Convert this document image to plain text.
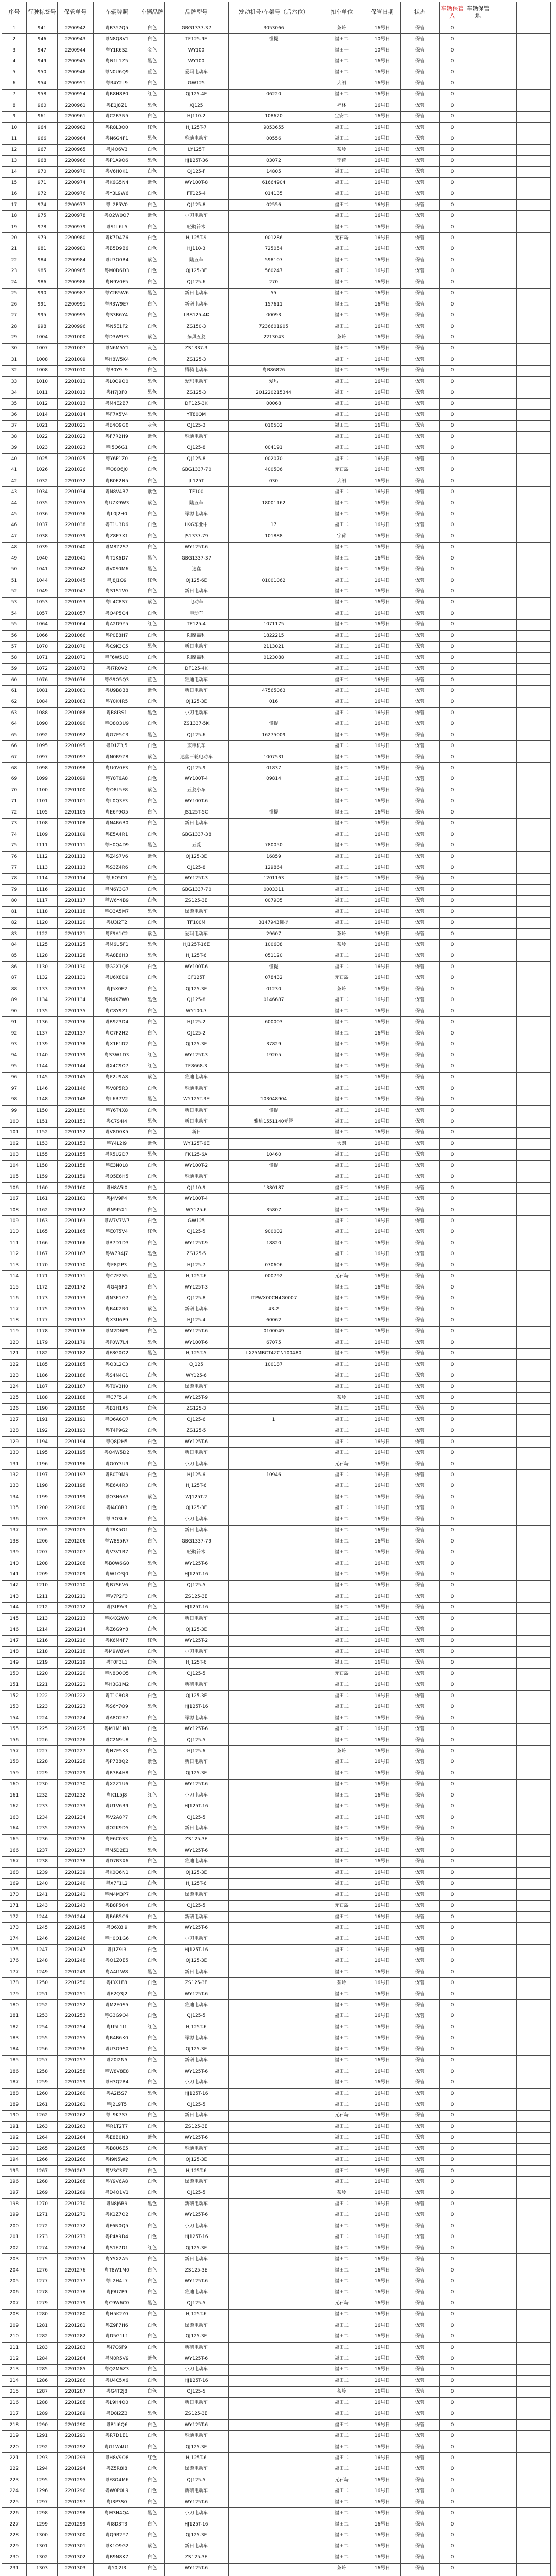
序号	行驶标签号	保管单号	车辆牌照	车辆品牌	品牌型号	发动机号/车架号（后六位）	扣车单位	保管日期	状态	车辆保管人	车辆保管地		
1	941	2200942	粤B3Y7Q5	白色	GBG1337-37	3053066	茶岭	16号日	保管	0			
2	946	2200943	粤N8Q8V1	白色	TF125-9E	懂提	福田二	10号日	保管	0			
3	947	2200944	粤Y1K6S2	金色	WY100		福田一	10号日	保管	0			
4	949	2200945	粤N1L1Z5	黑色	WY100		福田二	16号日	保管	0			
5	950	2200946	粤N0U6Q9	蓝色	爱玛电动车		福田二	16号日	保管	0			
6	954	2200951	粤R4Y2L9	白色	GW125		大朗	16号日	保管	0			
7	958	2200954	粤R8H8P0	红色	QJ125-4E	06220	福田二	16号日	保管	0			
8	960	2200961	粤E1J8Z1	黑色	XJ125		福林	16号日	保管	0			
9	961	2200961	粤C2B3N5	白色	HJ110-2	108620	宝安二	16号日	保管	0			
10	964	2200962	粤R8L3Q0	红色	HJ125T-7	9053655	福田二	16号日	保管	0			
11	966	2200964	粤N6G4F1	黑色	雅迪电动车	00556	福田二	16号日	保管	0			
12	967	2200965	粤J4O6V3	白色	LY125T		茶岭	16号日	保管	0			
13	968	2200966	粤P1A9O6	黑色	HJ125T-36	03072	宁荷	16号日	保管	0			
14	970	2200970	粤V6H0K1	白色	QJ125-F	14805	福田二	16号日	保管	0			
15	971	2200974	粤K6G5N4	紫色	WY100T-8	61664904	福田二	16号日	保管	0			
16	972	2200976	粤Y3L9W6	白色	FT125-4	014135	福田二	16号日	保管	0			
17	974	2200977	粤L2P5V0	白色	QJ125-8	02556	福田二	16号日	保管	0			
18	975	2200978	粤O2W0Q7	紫色	小刀电动车		福田二	16号日	保管	0			
19	978	2200979	粤S1L6L5	白色	轻骑铃木		福田二	16号日	保管	0			
20	979	2200980	粤K7D4Z6	白色	HJ125T-9	001286	元石岛	16号日	保管	0			
21	981	2200981	粤B5D9B6	白色	HJ110-3	725054	福田二	16号日	保管	0			
22	984	2200984	粤U7O0R4	紫色	陆五车	598107	福田二	16号日	保管	0			
23	985	2200985	粤M0D6D3	白色	QJ125-3E	560247	福田二	16号日	保管	0			
24	986	2200986	粤N9V0F5	白色	QJ125-6	270	福田二	16号日	保管	0			
25	990	2200987	粤Y2R5W6	黑色	新日电动车	55	福田二	16号日	保管	0			
26	991	2200991	粤R3W9E7	白色	新研电动车	157611	福田二	16号日	保管	0			
27	995	2200995	粤S3B6Y4	白色	LB8125-4K	00093	福田二	16号日	保管	0			
28	998	2200996	粤N5E1F2	白色	ZS150-3	7236601905	福田二	16号日	保管	0			
29	1004	2201000	粤D3W9F3	紫色	东风五菱	2213043	茶岭	16号日	保管	0			
30	1007	2201007	粤N6M5Y1	灰色	ZS1337-3		福田二	16号日	保管	0			
31	1008	2201009	粤H8W5K4	白色	ZS125-3		福田一	16号日	保管	0			
32	1008	2201010	粤B0Y9L9	白色	腾骑电动车	粤B86826	福田二	16号日	保管	0			
33	1010	2201011	粤L0O9Q0	黑色	爱玛电动车	爱玛	福田二	16号日	保管	0			
34	1011	2201012	粤H7J3F0	黑色	ZS125-3	201220215344	福田一	16号日	保管	0			
35	1012	2201013	粤M4E2B7	白色	DF125-3K	00068	福田二	16号日	保管	0			
36	1014	2201014	粤F7X5V4	黑色	YT80QM		福田二	16号日	保管	0			
37	1021	2201021	粤E4O9G0	灰色	QJ125-3	010502	福田二	16号日	保管	0			
38	1022	2201022	粤F7R2H9	紫色	雅迪电动车		福田二	16号日	保管	0			
39	1023	2201023	粤I5Q6G1	白色	QJ125-8	004191	福田二	16号日	保管	0			
40	1025	2201025	粤Y6P1Z0	白色	QJ125-8	002070	福田二	16号日	保管	0			
41	1026	2201026	粤O8O6J0	白色	GBG1337-70	400506	元石岛	16号日	保管	0			
42	1032	2201032	粤B0E2N5	白色	JL125T	030	大朗	16号日	保管	0			
43	1034	2201034	粤N8V4B7	紫色	TF100		福田二	16号日	保管	0			
44	1035	2201035	粤U7X9W3	紫色	陆五车	18001162	福田二	16号日	保管	0			
45	1036	2201036	粤L0J2H0	白色	绿源电动车		福田二	16号日	保管	0			
46	1037	2201038	粤T1U3D6	白色	LKG车业中	17	福田二	16号日	保管	0			
47	1038	2201039	粤Z8E7X1	白色	JS1337-79	101888	宁荷	16号日	保管	0			
48	1039	2201040	粤M8Z2S7	白色	WY125T-6		福田二	16号日	保管	0			
49	1040	2201041	粤T1K6D7	黑色	GBG1337-37		福田二	16号日	保管	0			
50	1041	2201042	粤V0S0M6	黑色	速鑫		福田二	16号日	保管	0			
51	1044	2201045	粤J8J1Q9	红色	QJ125-6E	01001062	福田二	16号日	保管	0			
52	1049	2201047	粤S1S1V0	白色	新日电动车		福田二	16号日	保管	0			
53	1053	2201053	粤L4C8S7	紫色	电动车		福田二	16号日	保管	0			
54	1057	2201057	粤O4P5Q4	白色	电动车		福田二	16号日	保管	0			
55	1064	2201064	粤A2D9Y5	红色	TF125-4	1071175	福田二	16号日	保管	0			
56	1066	2201066	粤P0E8H7	白色	阳摩福利	1822215	福田二	16号日	保管	0			
57	1070	2201070	粤C9K3C5	黑色	新日电动车	2113021	福田二	16号日	保管	0			
58	1071	2201071	粤F6W5U3	白色	阳摩福利	0123088	福田二	16号日	保管	0			
59	1072	2201072	粤I7R0V2	白色	DF125-4K		福田二	16号日	保管	0			
60	1076	2201076	粤G9O5Q3	蓝色	雅迪电动车		福田二	16号日	保管	0			
61	1081	2201081	粤U9B8B8	紫色	新日电动车	47565063	福田二	16号日	保管	0			
62	1084	2201082	粤Y0K4R5	白色	QJ125-3E	016	福田二	16号日	保管	0			
63	1088	2201088	粤R8I3S1	黑色	小刀电动车		福田二	16号日	保管	0			
64	1090	2201090	粤O8Q3U9	白色	ZS1337-5K	懂提	福田二	16号日	保管	0			
65	1092	2201092	粤G7E5C3	黑色	QJ125-6	16275009	福田二	16号日	保管	0			
66	1095	2201095	粤D1Z3J5	白色	宗申机车		福田二	16号日	保管	0			
67	1097	2201097	粤N0R9Z8	紫色	速鑫三轮电动车	1007531	福田二	16号日	保管	0			
68	1098	2201098	粤U0V0F3	白色	QJ125-9	01837	福田二	16号日	保管	0			
69	1099	2201099	粤Y8T6A8	白色	WY100T-4	09814	福田二	16号日	保管	0			
70	1100	2201100	粤O8L5F8	紫色	五菱小车		福田二	16号日	保管	0			
71	1101	2201101	粤L0Q3F3	白色	WY100T-6		福田二	16号日	保管	0			
72	1105	2201105	粤E6Y9O5	白色	JS125T-5C	懂提	福田二	16号日	保管	0			
73	1108	2201108	粤N4R6B0	白色	新日电动车		福田二	16号日	保管	0			
74	1109	2201109	粤E5A4R1	白色	GBG1337-38		福田二	16号日	保管	0			
75	1111	2201111	粤H0Q4D9	黑色	五菱	780050	福田二	16号日	保管	0			
76	1112	2201112	粤Z4S7V6	紫色	QJ125-3E	16859	福田二	16号日	保管	0			
77	1113	2201113	粤S3Z4R6	白色	QJ125-8	129864	福田二	16号日	保管	0			
78	1114	2201114	粤J6O5D1	白色	WY125T-3	1201163	福田二	16号日	保管	0			
79	1116	2201116	粤M6Y3G7	白色	GBG1337-70	0003311	福田二	16号日	保管	0			
80	1117	2201117	粤W6Y4B9	白色	ZS125-3E	007905	福田二	16号日	保管	0			
81	1118	2201118	粤O3A5M7	黑色	绿源电动车		福田二	16号日	保管	0			
82	1120	2201120	粤U3I2T2	白色	TF100M	3147943懂提	福田二	16号日	保管	0			
83	1122	2201121	粤F9A1C2	紫色	爱玛电动车	29607	茶岭	16号日	保管	0			
84	1125	2201125	粤M6U5F1	黑色	HJ125T-16E	100608	茶岭	16号日	保管	0			
85	1128	2201128	粤A8E6H3	黑色	HJ125T-6	051120	福田二	16号日	保管	0			
86	1130	2201130	粤G2X1Q8	白色	WY100T-6	懂提	福田二	16号日	保管	0			
87	1132	2201131	粤U6X8D9	白色	CF125T	078432	元石岛	16号日	保管	0			
88	1133	2201133	粤J5X0E2	白色	QJ125-3E	01230	茶岭	16号日	保管	0			
89	1134	2201134	粤N4X7W0	黑色	QJ125-8	0146687	福田二	16号日	保管	0			
90	1135	2201135	粤C8Y9Z1	白色	WY100-7		福田二	16号日	保管	0			
91	1136	2201136	粤B9Z3D4	白色	HJ125-2	600003	福田二	16号日	保管	0			
92	1137	2201137	粤C7F2H2	白色	QJ125-2		福田二	16号日	保管	0			
93	1139	2201138	粤X1F1D2	白色	QJ125-3E	37829	福田二	16号日	保管	0			
94	1140	2201139	粤S3W1D3	红色	WY125T-3	19205	福田二	16号日	保管	0			
95	1144	2201144	粤X4C9O7	红色	TF8668-3		福田二	16号日	保管	0			
96	1145	2201145	粤F2U9A8	紫色	雅迪电动车		福田二	16号日	保管	0			
97	1146	2201146	粤V8P5R3	白色	雅迪电动车		福田二	16号日	保管	0			
98	1148	2201148	粤L6R7V2	黑色	WY125T-3E	103048904	福田二	16号日	保管	0			
99	1150	2201150	粤Y6T4X8	白色	新日电动车	懂提	福田二	16号日	保管	0			
100	1151	2201151	粤C7S4I4	黑色	新日电动车	雅迪1551140元管	福田二	16号日	保管	0			
101	1152	2201152	粤V8D0K5	白色	新日		福田二	16号日	保管	0			
102	1153	2201153	粤Y4L2I9	紫色	WY125T-6E		大朗	16号日	保管	0			
103	1155	2201155	粤R5U2D7	黑色	FK125-6A	10460	福田二	16号日	保管	0			
104	1158	2201158	粤E3N0L8	白色	WY100T-2	懂提	福田二	16号日	保管	0			
105	1159	2201159	粤O5E6H5	白色	雅迪电动车		福田二	16号日	保管	0			
106	1160	2201160	粤H8A5I0	白色	QJ110-9	1380187	福田二	16号日	保管	0			
107	1161	2201161	粤J4V9P4	黑色	WY100T-4		福田二	16号日	保管	0			
108	1162	2201162	粤N9I5X1	白色	WY125-6	35807	福田二	16号日	保管	0			
109	1163	2201163	粤W7V7W7	白色	GW125		福田二	16号日	保管	0			
110	1165	2201165	粤E0T5V4	红色	QJ125-5	900002	福田二	16号日	保管	0			
111	1166	2201166	粤B7D1D3	白色	WY125T-9	18820	福田二	16号日	保管	0			
112	1167	2201167	粤W7R4J7	黑色	ZS125-5		福田二	16号日	保管	0			
113	1170	2201170	粤F8J2P3	白色	HJ125-7	070606	福田二	16号日	保管	0			
114	1171	2201171	粤C7F2S5	蓝色	HJ125T-6	000792	元石岛	16号日	保管	0			
115	1172	2201172	粤G4J6P0	白色	WY125T-3		福田二	16号日	保管	0			
116	1173	2201173	粤N3E1G7	白色	QJ125-8	LTPWX00CN4G0007	福田二	16号日	保管	0			
117	1175	2201175	粤R4K2R0	紫色	新研电动车	43-2	福田二	16号日	保管	0			
118	1177	2201177	粤X3U6P9	白色	HJ125-4	60062	福田二	16号日	保管	0			
119	1178	2201178	粤M2D6P9	白色	WY125T-6	0100049	福田二	16号日	保管	0			
120	1179	2201179	粤P0W7L4	黑色	WY100T-6	67075	福田二	16号日	保管	0			
121	1182	2201182	粤F8G0O2	黑色	HJ125T-5	LX25MBCT4ZCN100480	福田二	16号日	保管	0			
122	1185	2201185	粤Q3L2C3	白色	QJ125	100187	福田二	16号日	保管	0			
123	1186	2201186	粤S4N4C1	白色	WY125-6		福田二	16号日	保管	0			
124	1187	2201187	粤T0V3H0	白色	绿源电动车		福田二	16号日	保管	0			
125	1188	2201188	粤C7F5L4	白色	WY125T-9		茶岭	16号日	保管	0			
126	1190	2201190	粤B1H1X5	白色	ZS125-3		福田二	16号日	保管	0			
127	1191	2201191	粤O6A6O7	白色	QJ125-6	1	福田二	16号日	保管	0			
128	1192	2201192	粤T4P9G2	白色	ZS125-5		福田二	16号日	保管	0			
129	1194	2201194	粤Q8J2H5	白色	WY125T-6		福田二	16号日	保管	0			
130	1195	2201195	粤O4W5D2	黑色	新日电动车		福田二	16号日	保管	0			
131	1196	2201196	粤O0Y3U9	白色	小刀电动车		元石岛	16号日	保管	0			
132	1197	2201197	粤B0T9M9	白色	HJ125-6	10946	福田二	16号日	保管	0			
133	1198	2201198	粤E6A4R3	白色	HJ125T-6		福田二	16号日	保管	0			
134	1199	2201199	粤O3N6A3	紫色	WJ125T-2		福田二	16号日	保管	0			
135	1200	2201200	粤I4C8R3	白色	QJ125-3E		福田二	16号日	保管	0			
136	1203	2201203	粤I3O3U6	白色	小刀电动车		福田二	16号日	保管	0			
137	1205	2201205	粤T8K5O1	白色	新日电动车		福田二	16号日	保管	0			
138	1206	2201206	粤W8S5R7	白色	GBG1337-79		福田二	16号日	保管	0			
139	1207	2201207	粤V3V1B7	白色	轻骑铃木		福田二	16号日	保管	0			
140	1208	2201208	粤B0W6G0	黑色	WY125T-6		福田二	16号日	保管	0			
141	1209	2201209	粤W1O3J0	白色	HJ125T-16		福田二	16号日	保管	0			
142	1210	2201210	粤B7S6V6	白色	QJ125-5		福田二	16号日	保管	0			
143	1211	2201211	粤V7P2F3	白色	ZS125-3E		福田二	16号日	保管	0			
144	1212	2201212	粤J3U9V3	白色	HJ125T-16		福田二	16号日	保管	0			
145	1213	2201213	粤K4X2W0	白色	新日电动车		福田二	16号日	保管	0			
146	1214	2201214	粤Z6G9Y8	白色	QJ125-3E		福田二	16号日	保管	0			
147	1216	2201216	粤K6M4F7	红色	WY125T-2		福田二	16号日	保管	0			
148	1218	2201218	粤M9W8V4	白色	小刀电动车		福田二	16号日	保管	0			
149	1219	2201219	粤T0F3L1	白色	HJ125T-6		福田二	16号日	保管	0			
150	1220	2201220	粤N8O0O5	白色	QJ125-5		元石岛	16号日	保管	0			
151	1221	2201221	粤H3G1M2	白色	新研电动车		福田二	16号日	保管	0			
152	1222	2201222	粤T1C8O8	白色	QJ125-3E		福田二	16号日	保管	0			
153	1223	2201223	粤S6Y7O9	黑色	HJ125T-16		福田二	16号日	保管	0			
154	1224	2201224	粤A8O2A7	白色	绿源电动车		福田二	16号日	保管	0			
155	1225	2201225	粤M1M1N8	白色	WY125T-6		福田二	16号日	保管	0			
156	1226	2201226	粤C2N9U8	白色	QJ125-5		福田二	16号日	保管	0			
157	1227	2201227	粤N7E5K3	白色	HJ125-6		茶岭	16号日	保管	0			
158	1228	2201228	粤P7B8Q2	紫色	新日电动车		福田二	16号日	保管	0			
159	1229	2201229	粤R3B4H8	白色	QJ125-3E		福田二	16号日	保管	0			
160	1230	2201230	粤X2Z1U6	白色	WY125T-6		福田二	16号日	保管	0			
161	1232	2201232	粤K1L5J8	红色	小刀电动车		福田二	16号日	保管	0			
162	1233	2201233	粤U1V6R9	白色	HJ125T-16		福田二	16号日	保管	0			
163	1234	2201234	粤V2A8P7	白色	QJ125-5		福田二	16号日	保管	0			
164	1235	2201235	粤O2K9D5	白色	新日电动车		福田二	16号日	保管	0			
165	1236	2201236	粤E6C0S3	白色	ZS125-3E		福田二	16号日	保管	0			
166	1237	2201237	粤M5D2E1	黑色	WY125T-6		福田二	16号日	保管	0			
167	1238	2201238	粤D7B3X6	白色	雅迪电动车		福田二	16号日	保管	0			
168	1239	2201239	粤K0Q6N1	白色	QJ125-3E		福田二	16号日	保管	0			
169	1240	2201240	粤X7F1L2	白色	HJ125T-6		福田二	16号日	保管	0			
170	1241	2201241	粤M4M3P7	白色	绿源电动车		福田二	16号日	保管	0			
171	1243	2201243	粤B8P5O4	白色	QJ125-5		元石岛	16号日	保管	0			
172	1244	2201244	粤R6B5C6	白色	新研电动车		福田二	16号日	保管	0			
173	1245	2201245	粤Q6X8I9	紫色	WY125T-6		福田二	16号日	保管	0			
174	1246	2201246	粤H0O1G6	白色	小刀电动车		福田二	16号日	保管	0			
175	1247	2201247	粤J1Z9I3	白色	HJ125T-16		福田二	16号日	保管	0			
176	1248	2201248	粤O1Z0E5	白色	QJ125-3E		福田二	16号日	保管	0			
177	1249	2201249	粤A4I1W8	黑色	新日电动车		福田二	16号日	保管	0			
178	1250	2201250	粤I3X1E8	白色	ZS125-3E		茶岭	16号日	保管	0			
179	1251	2201251	粤E2Q3J2	白色	WY125T-6		福田二	16号日	保管	0			
180	1252	2201252	粤M2E0S5	白色	雅迪电动车		福田二	16号日	保管	0			
181	1253	2201253	粤G3G9O4	白色	QJ125-5		福田二	16号日	保管	0			
182	1254	2201254	粤U5L1I1	红色	HJ125T-6		福田二	16号日	保管	0			
183	1255	2201255	粤R4B6K0	白色	绿源电动车		福田二	16号日	保管	0			
184	1256	2201256	粤U3O9S0	白色	QJ125-3E		福田二	16号日	保管	0			
185	1257	2201257	粤Z0I2N5	白色	新研电动车		福田二	16号日	保管	0			
186	1258	2201258	粤W8V8E8	白色	WY125T-6		福田二	16号日	保管	0			
187	1259	2201259	粤H3Q2R4	白色	小刀电动车		福田二	16号日	保管	0			
188	1260	2201260	粤A2I5S7	黑色	HJ125T-16		福田二	16号日	保管	0			
189	1261	2201261	粤J2L9T5	白色	QJ125-5		福田二	16号日	保管	0			
190	1262	2201262	粤L9K7S7	白色	新日电动车		元石岛	16号日	保管	0			
191	1263	2201263	粤R1T2T7	白色	ZS125-3E		福田二	16号日	保管	0			
192	1264	2201264	粤E8B0N3	紫色	WY125T-6		福田二	16号日	保管	0			
193	1265	2201265	粤B8U6E5	白色	雅迪电动车		福田二	16号日	保管	0			
194	1266	2201266	粤I9N5W2	白色	QJ125-3E		福田二	16号日	保管	0			
195	1267	2201267	粤V3C3F7	白色	HJ125T-6		福田二	16号日	保管	0			
196	1268	2201268	粤Y9V6A8	白色	绿源电动车		福田二	16号日	保管	0			
197	1269	2201269	粤D4Q1V1	白色	QJ125-5		茶岭	16号日	保管	0			
198	1270	2201270	粤N8J6R9	黑色	新研电动车		福田二	16号日	保管	0			
199	1271	2201271	粤K1Z7Q2	白色	WY125T-6		福田二	16号日	保管	0			
200	1272	2201272	粤F6N0Q5	白色	小刀电动车		福田二	16号日	保管	0			
201	1273	2201273	粤P4A9D4	白色	HJ125T-16		福田二	16号日	保管	0			
202	1274	2201274	粤S1E7D1	红色	QJ125-3E		福田二	16号日	保管	0			
203	1275	2201275	粤Y5X2A5	白色	新日电动车		福田二	16号日	保管	0			
204	1276	2201276	粤T8W1M0	白色	ZS125-3E		福田二	16号日	保管	0			
205	1277	2201277	粤L2H4L7	白色	WY125T-6		福田二	16号日	保管	0			
206	1278	2201278	粤J9U7P9	白色	雅迪电动车		福田二	16号日	保管	0			
207	1279	2201279	粤C9W6C0	黑色	QJ125-5		元石岛	16号日	保管	0			
208	1280	2201280	粤H5K2Y0	白色	HJ125T-6		福田二	16号日	保管	0			
209	1281	2201281	粤Z9F7H6	白色	绿源电动车		福田二	16号日	保管	0			
210	1282	2201282	粤D5G1L1	白色	QJ125-3E		福田二	16号日	保管	0			
211	1283	2201283	粤I7C6F9	白色	新研电动车		福田二	16号日	保管	0			
212	1284	2201284	粤M0R5V9	紫色	WY125T-6		福田二	16号日	保管	0			
213	1285	2201285	粤Q2M6Z3	白色	小刀电动车		福田二	16号日	保管	0			
214	1286	2201286	粤U4C5X6	白色	HJ125T-16		福田二	16号日	保管	0			
215	1287	2201287	粤G4T2J8	白色	QJ125-5		茶岭	16号日	保管	0			
216	1288	2201288	粤L9H4Q0	白色	新日电动车		福田二	16号日	保管	0			
217	1289	2201289	粤D8I2Z3	黑色	ZS125-3E		福田二	16号日	保管	0			
218	1290	2201290	粤B1I6Q6	白色	WY125T-6		福田二	16号日	保管	0			
219	1291	2201291	粤R7D1E1	白色	雅迪电动车		福田二	16号日	保管	0			
220	1292	2201292	粤G1W4U1	白色	QJ125-3E		福田二	16号日	保管	0			
221	1293	2201293	粤H8V9O8	红色	HJ125T-6		福田二	16号日	保管	0			
222	1294	2201294	粤Z5R8I8	白色	绿源电动车		福田二	16号日	保管	0			
223	1295	2201295	粤F8O4M6	白色	QJ125-5		元石岛	16号日	保管	0			
224	1296	2201296	粤W0P0L9	白色	新研电动车		福田二	16号日	保管	0			
225	1297	2201297	粤I3P3S0	白色	WY125T-6		福田二	16号日	保管	0			
226	1298	2201298	粤M3N4Q4	黑色	小刀电动车		福田二	16号日	保管	0			
227	1299	2201299	粤I8D3T3	白色	HJ125T-16		福田二	16号日	保管	0			
228	1300	2201300	粤Q9B2Y7	白色	QJ125-3E		福田二	16号日	保管	0			
229	1301	2201301	粤K1O9G2	紫色	新日电动车		福田二	16号日	保管	0			
230	1302	2201302	粤B9N8K7	白色	ZS125-3E		福田二	16号日	保管	0			
231	1303	2201303	粤Y0J2I3	白色	WY125T-6		茶岭	16号日	保管	0			
